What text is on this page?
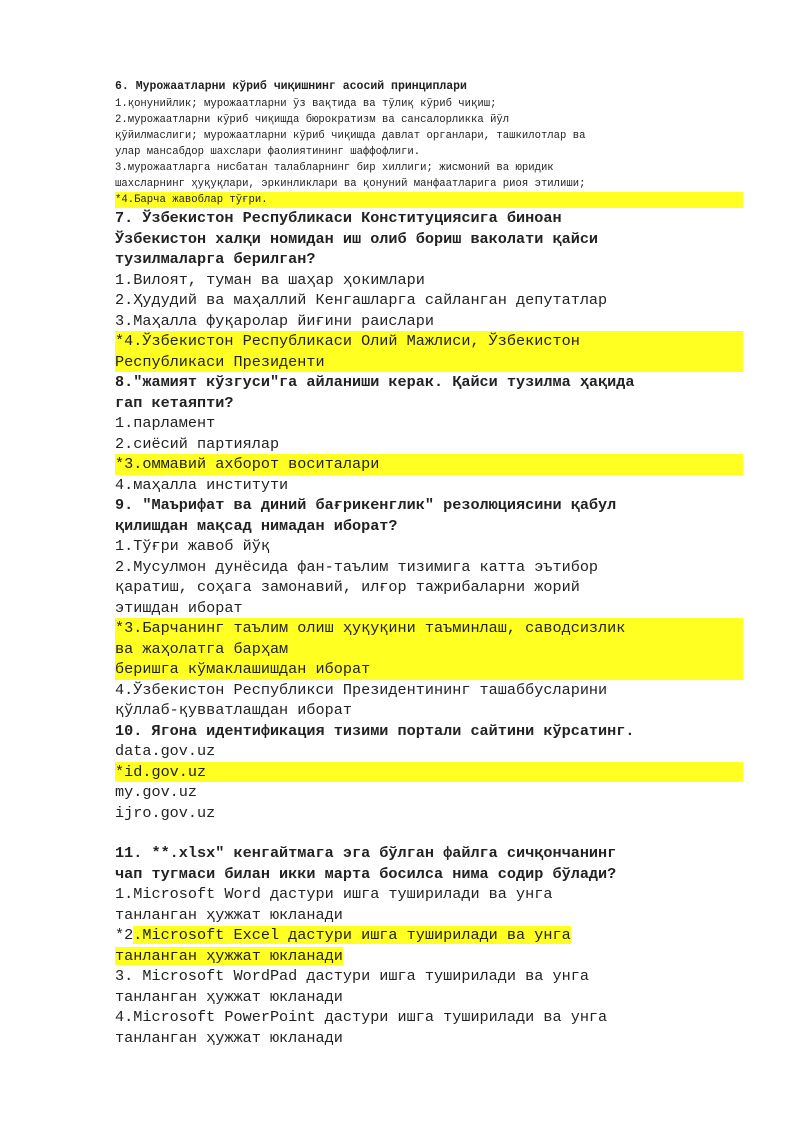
6. Мурожаатларни кўриб чиқишнинг асосий принциплари
1.қонунийлик; мурожаатларни ўз вақтида ва тўлиқ кўриб чиқиш;
2.мурожаатларни кўриб чиқишда бюрократизм ва сансалорликка йўл
қўйилмаслиги; мурожаатларни кўриб чиқишда давлат органлари, ташкилотлар ва
улар мансабдор шахслари фаолиятининг шаффофлиги.
3.мурожаатларга нисбатан талабларнинг бир хиллиги; жисмоний ва юридик
шахсларнинг ҳуқуқлари, эркинликлари ва қонуний манфаатларига риоя этилиши;
*4.Барча жавоблар тўғри.
7. Ўзбекистон Республикаси Конституциясига биноан
Ўзбекистон халқи номидан иш олиб бориш ваколати қайси
тузилмаларга берилган?
1.Вилоят, туман ва шаҳар ҳокимлари
2.Ҳудудий ва маҳаллий Кенгашларга сайланган депутатлар
3.Маҳалла фуқаролар йиғини раислари
*4.Ўзбекистон Республикаси Олий Мажлиси, Ўзбекистон
Республикаси Президенти
8."жамият кўзгуси"га айланиши керак. Қайси тузилма ҳақида
гап кетаяпти?
1.парламент
2.сиёсий партиялар
*3.оммавий ахборот воситалари
4.маҳалла институти
9. "Маърифат ва диний бағрикенглик" резолюциясини қабул
қилишдан мақсад нимадан иборат?
1.Тўғри жавоб йўқ
2.Мусулмон дунёсида фан-таълим тизимига катта эътибор
қаратиш, соҳага замонавий, илғор тажрибаларни жорий
этишдан иборат
*3.Барчанинг таълим олиш ҳуқуқини таъминлаш, саводсизлик
ва жаҳолатга барҳам
беришга кўмаклашишдан иборат
4.Ўзбекистон Республикси Президентининг ташаббусларини
қўллаб-қувватлашдан иборат
10. Ягона идентификация тизими портали сайтини кўрсатинг.
data.gov.uz
*id.gov.uz
my.gov.uz
ijro.gov.uz
11. **.xlsx" кенгайтмага эга бўлган файлга сичқончанинг
чап тугмаси билан икки марта босилса нима содир бўлади?
1.Microsoft Word дастури ишга туширилади ва унга
танланган ҳужжат юкланади
*2.Microsoft Excel дастури ишга туширилади ва унга
танланган ҳужжат юкланади
3. Microsoft WordPad дастури ишга туширилади ва унга
танланган ҳужжат юкланади
4.Microsoft PowerPoint дастури ишга туширилади ва унга
танланган ҳужжат юкланади
